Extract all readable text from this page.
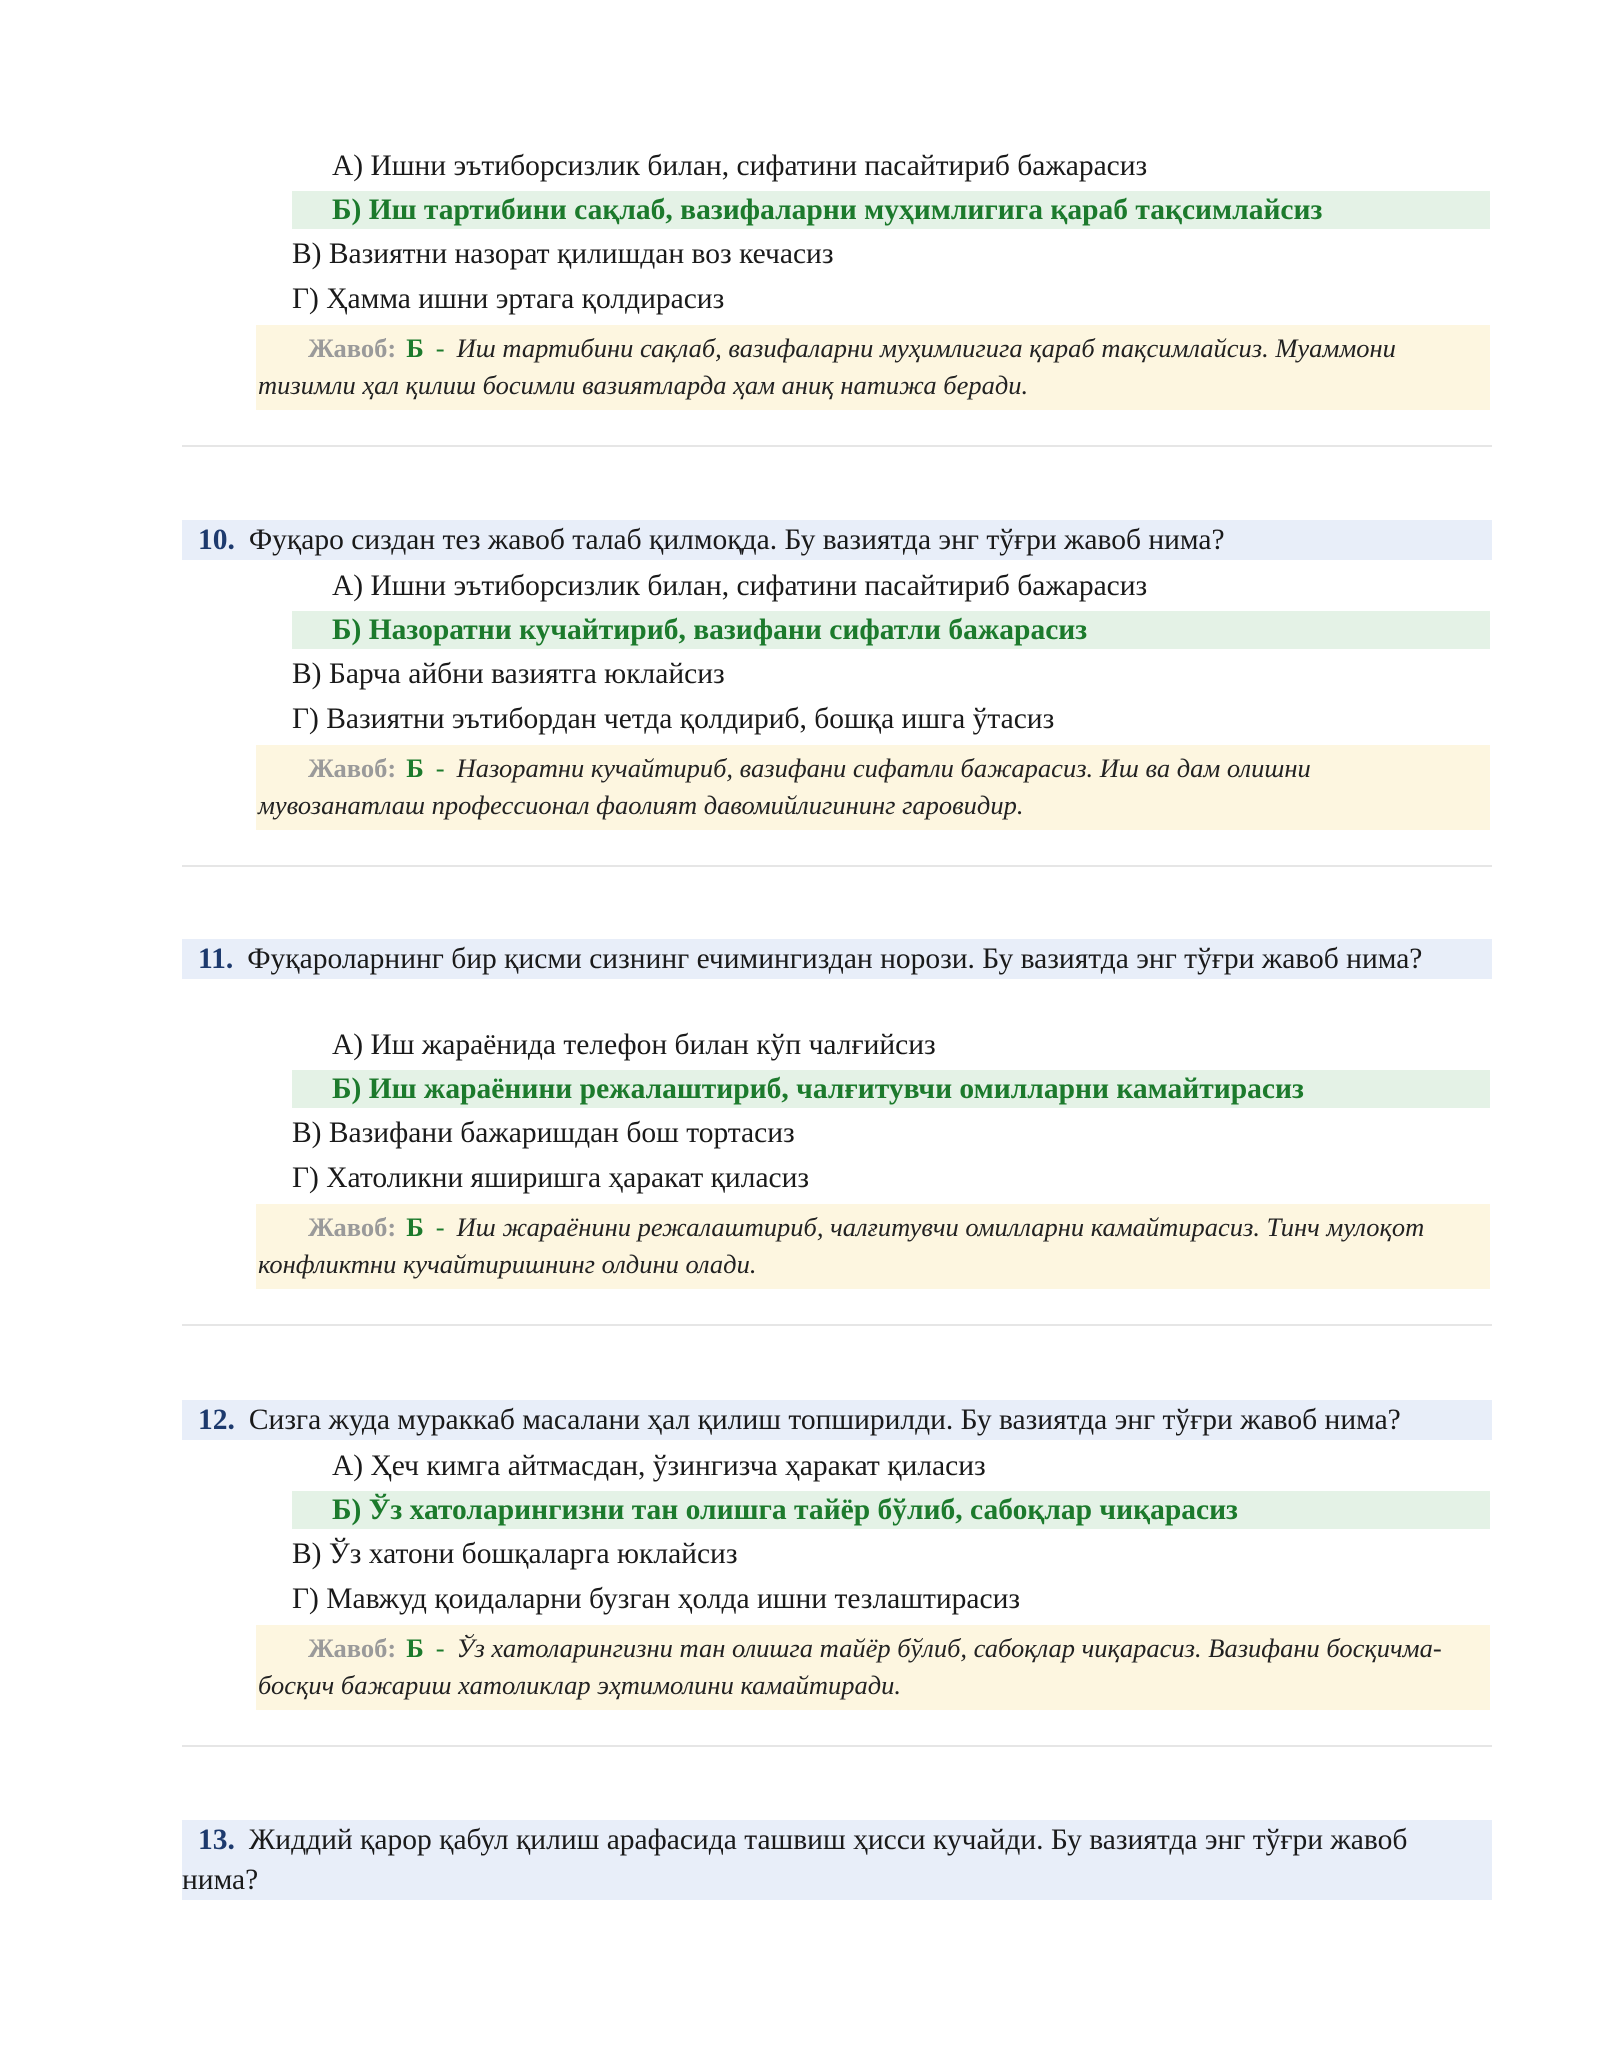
А) Ишни эътиборсизлик билан, сифатини пасайтириб бажарасиз
Б) Иш тартибини сақлаб, вазифаларни муҳимлигига қараб тақсимлайсиз
В) Вазиятни назорат қилишдан воз кечасиз
Г) Ҳамма ишни эртага қолдирасиз
Жавоб: Б - Иш тартибини сақлаб, вазифаларни муҳимлигига қараб тақсимлайсиз. Муаммони тизимли ҳал қилиш босимли вазиятларда ҳам аниқ натижа беради.
10. Фуқаро сиздан тез жавоб талаб қилмоқда. Бу вазиятда энг тўғри жавоб нима?
А) Ишни эътиборсизлик билан, сифатини пасайтириб бажарасиз
Б) Назоратни кучайтириб, вазифани сифатли бажарасиз
В) Барча айбни вазиятга юклайсиз
Г) Вазиятни эътибордан четда қолдириб, бошқа ишга ўтасиз
Жавоб: Б - Назоратни кучайтириб, вазифани сифатли бажарасиз. Иш ва дам олишни мувозанатлаш профессионал фаолият давомийлигининг гаровидир.
11. Фуқароларнинг бир қисми сизнинг ечимингиздан норози. Бу вазиятда энг тўғри жавоб нима?
А) Иш жараёнида телефон билан кўп чалғийсиз
Б) Иш жараёнини режалаштириб, чалғитувчи омилларни камайтирасиз
В) Вазифани бажаришдан бош тортасиз
Г) Хатоликни яширишга ҳаракат қиласиз
Жавоб: Б - Иш жараёнини режалаштириб, чалғитувчи омилларни камайтирасиз. Тинч мулоқот конфликтни кучайтиришнинг олдини олади.
12. Сизга жуда мураккаб масалани ҳал қилиш топширилди. Бу вазиятда энг тўғри жавоб нима?
А) Ҳеч кимга айтмасдан, ўзингизча ҳаракат қиласиз
Б) Ўз хатоларингизни тан олишга тайёр бўлиб, сабоқлар чиқарасиз
В) Ўз хатони бошқаларга юклайсиз
Г) Мавжуд қоидаларни бузган ҳолда ишни тезлаштирасиз
Жавоб: Б - Ўз хатоларингизни тан олишга тайёр бўлиб, сабоқлар чиқарасиз. Вазифани босқичма-босқич бажариш хатоликлар эҳтимолини камайтиради.
13. Жиддий қарор қабул қилиш арафасида ташвиш ҳисси кучайди. Бу вазиятда энг тўғри жавоб нима?
